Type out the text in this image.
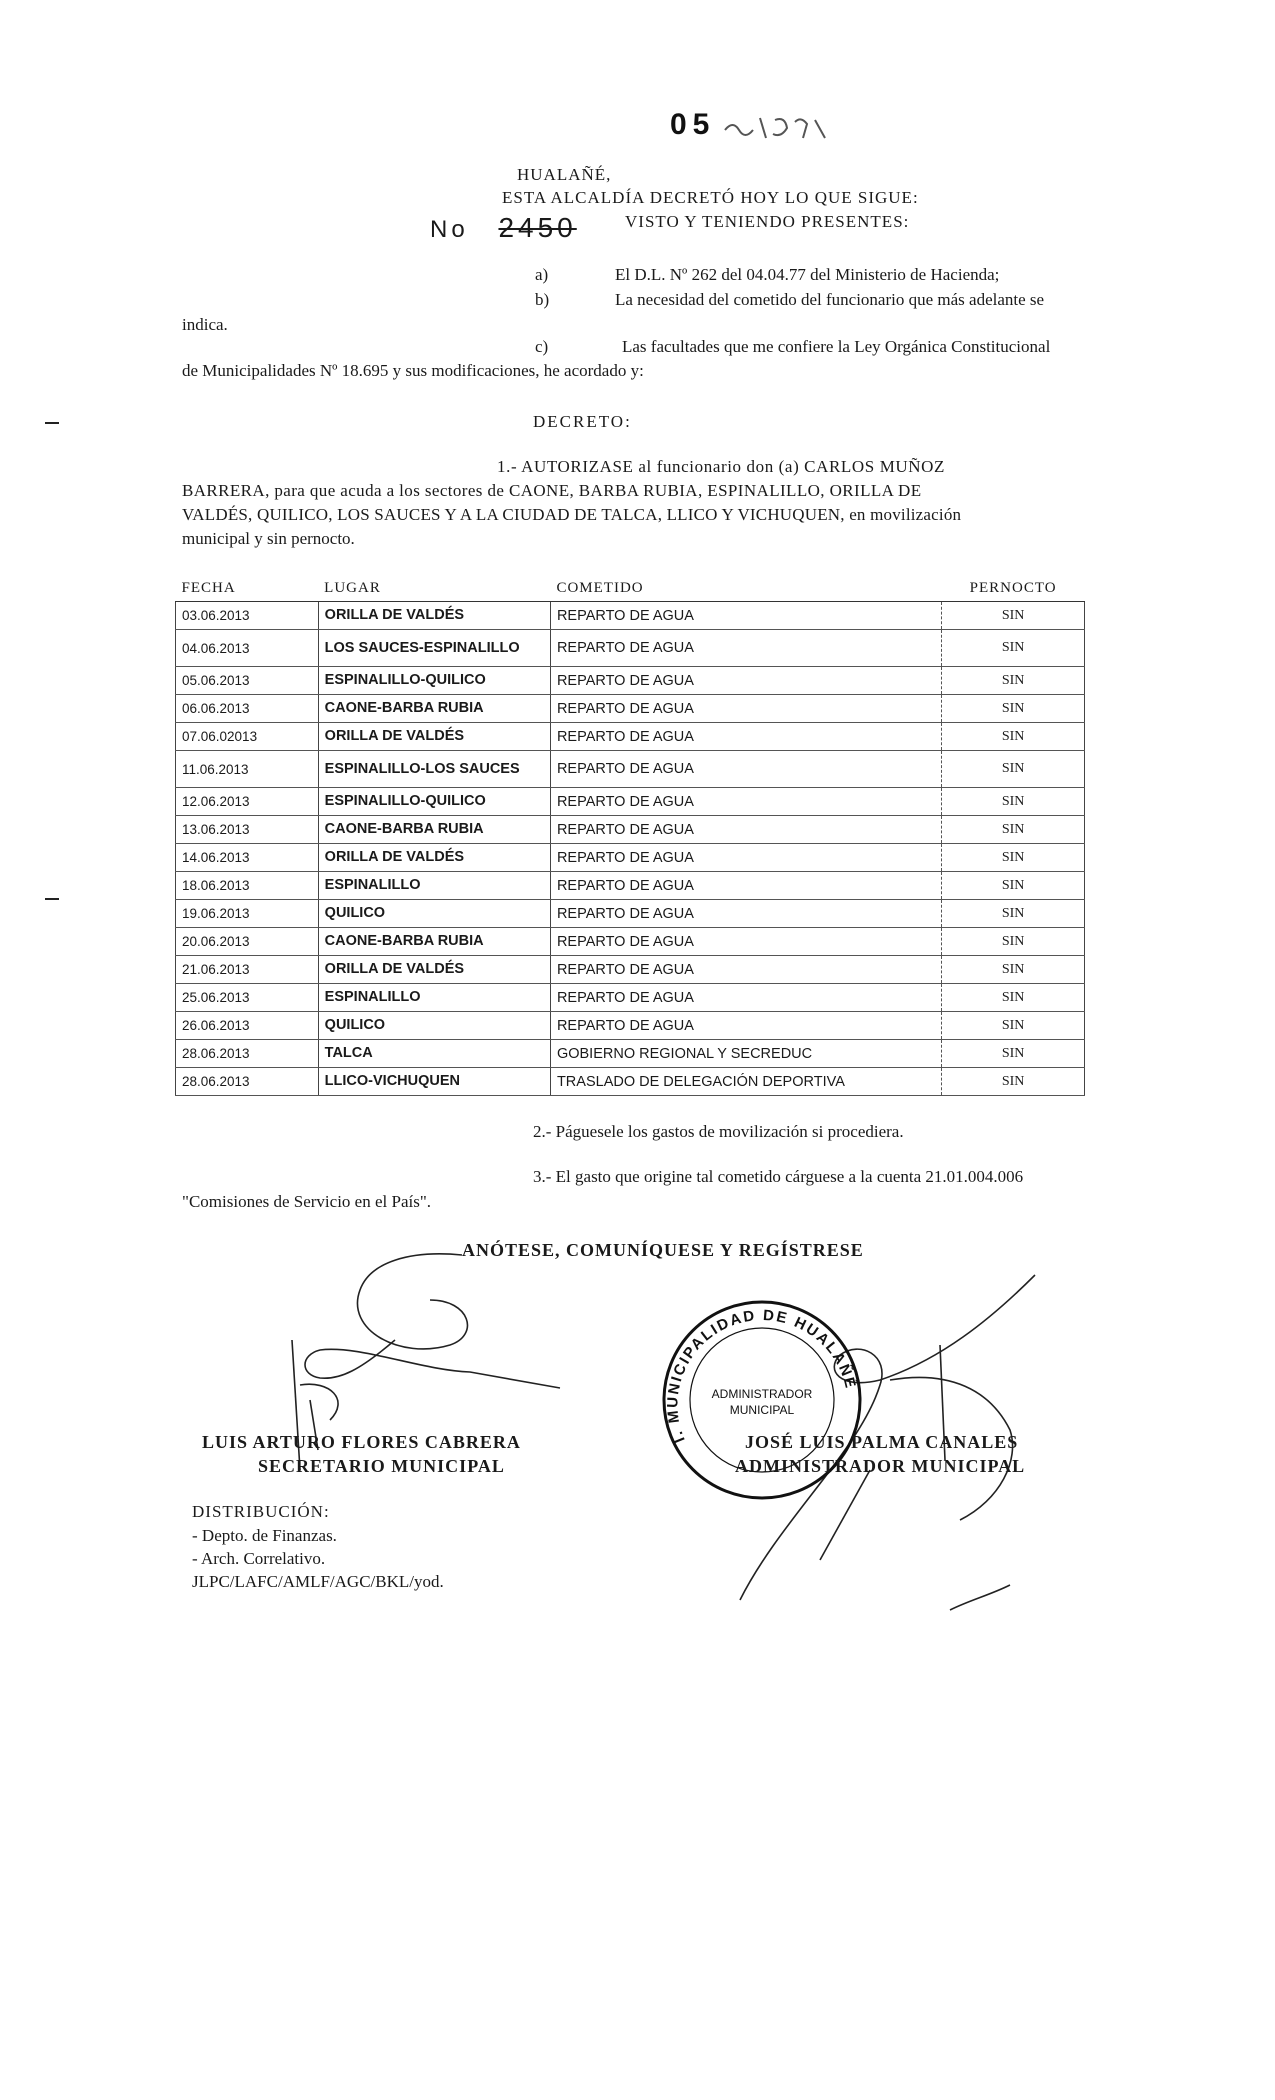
05
HUALAÑÉ,
ESTA ALCALDÍA DECRETÓ HOY LO QUE SIGUE:
No 2450	VISTO Y TENIENDO PRESENTES:
a)	El D.L. Nº 262 del 04.04.77 del Ministerio de Hacienda;
b)	La necesidad del cometido del funcionario que más adelante se
indica.
c)	Las facultades que me confiere la Ley Orgánica Constitucional
de Municipalidades Nº 18.695 y sus modificaciones, he acordado y:
DECRETO:
1.- AUTORIZASE al funcionario don (a) CARLOS MUÑOZ
BARRERA, para que acuda a los sectores de CAONE, BARBA RUBIA, ESPINALILLO, ORILLA DE
VALDÉS, QUILICO, LOS SAUCES Y A LA CIUDAD DE TALCA, LLICO Y VICHUQUEN, en movilización
municipal y sin pernocto.
FECHA	LUGAR	COMETIDO	PERNOCTO
03.06.2013	ORILLA DE VALDÉS	REPARTO DE AGUA	SIN
04.06.2013	LOS SAUCES-ESPINALILLO	REPARTO DE AGUA	SIN
05.06.2013	ESPINALILLO-QUILICO	REPARTO DE AGUA	SIN
06.06.2013	CAONE-BARBA RUBIA	REPARTO DE AGUA	SIN
07.06.02013	ORILLA DE VALDÉS	REPARTO DE AGUA	SIN
11.06.2013	ESPINALILLO-LOS SAUCES	REPARTO DE AGUA	SIN
12.06.2013	ESPINALILLO-QUILICO	REPARTO DE AGUA	SIN
13.06.2013	CAONE-BARBA RUBIA	REPARTO DE AGUA	SIN
14.06.2013	ORILLA DE VALDÉS	REPARTO DE AGUA	SIN
18.06.2013	ESPINALILLO	REPARTO DE AGUA	SIN
19.06.2013	QUILICO	REPARTO DE AGUA	SIN
20.06.2013	CAONE-BARBA RUBIA	REPARTO DE AGUA	SIN
21.06.2013	ORILLA DE VALDÉS	REPARTO DE AGUA	SIN
25.06.2013	ESPINALILLO	REPARTO DE AGUA	SIN
26.06.2013	QUILICO	REPARTO DE AGUA	SIN
28.06.2013	TALCA	GOBIERNO REGIONAL Y SECREDUC	SIN
28.06.2013	LLICO-VICHUQUEN	TRASLADO DE DELEGACIÓN DEPORTIVA	SIN
2.- Páguesele los gastos de movilización si procediera.
3.- El gasto que origine tal cometido cárguese a la cuenta 21.01.004.006
"Comisiones de Servicio en el País".
ANÓTESE, COMUNÍQUESE Y REGÍSTRESE
I. MUNICIPALIDAD DE HUALAÑÉ
ADMINISTRADOR
MUNICIPAL
LUIS ARTURO FLORES CABRERA
SECRETARIO MUNICIPAL
JOSÉ LUIS PALMA CANALES
ADMINISTRADOR MUNICIPAL
DISTRIBUCIÓN:
- Depto. de Finanzas.
- Arch. Correlativo.
JLPC/LAFC/AMLF/AGC/BKL/yod.
